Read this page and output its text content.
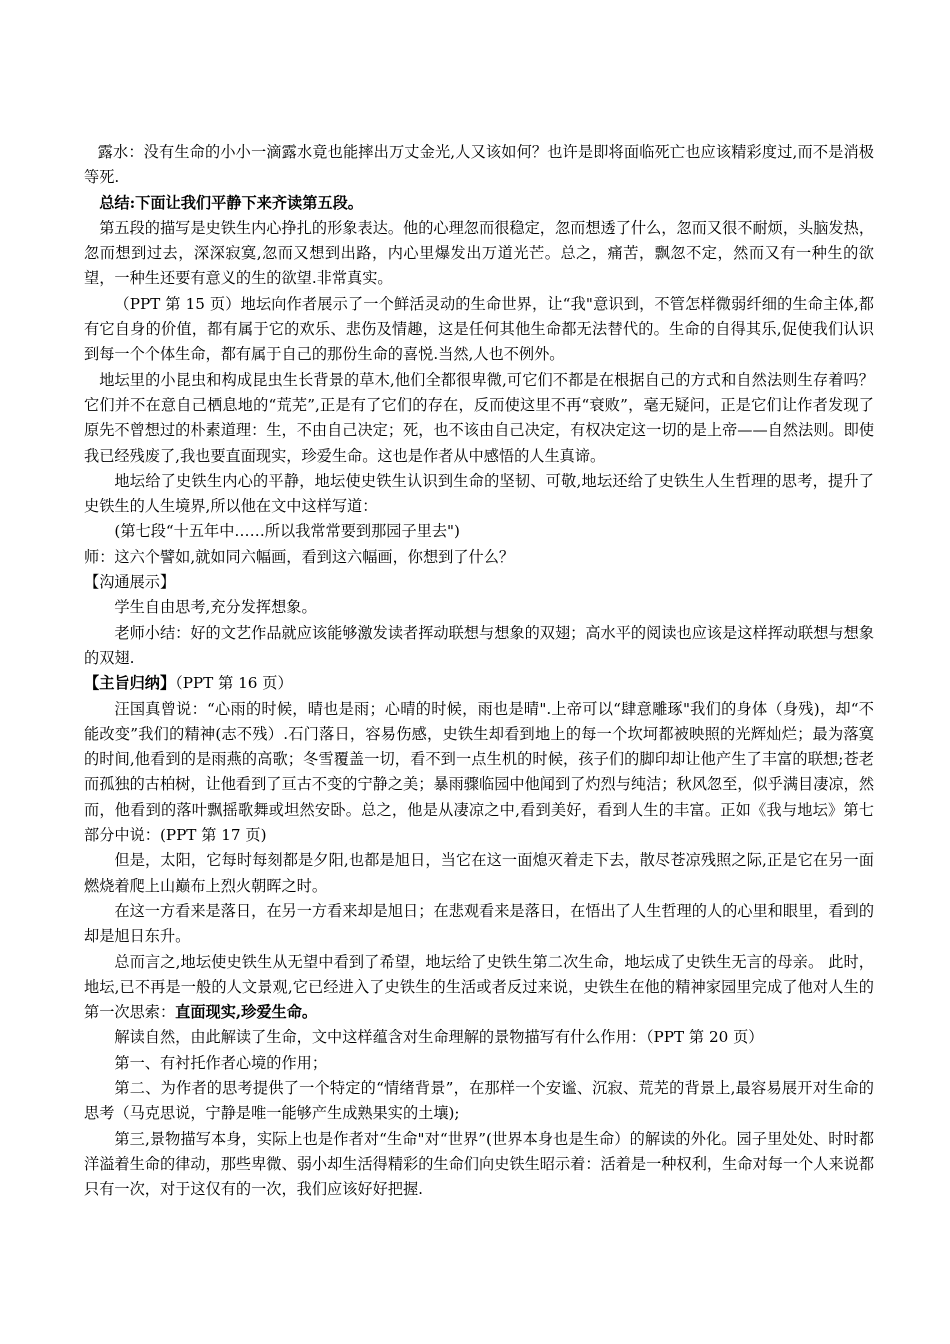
露水：没有生命的小小一滴露水竟也能摔出万丈金光,人又该如何？也许是即将面临死亡也应该精彩度过,而不是消极等死.

总结:下面让我们平静下来齐读第五段。

第五段的描写是史铁生内心挣扎的形象表达。他的心理忽而很稳定，忽而想透了什么，忽而又很不耐烦，头脑发热，忽而想到过去，深深寂寞,忽而又想到出路，内心里爆发出万道光芒。总之，痛苦，飘忽不定，然而又有一种生的欲望，一种生还要有意义的生的欲望.非常真实。

（PPT 第 15 页）地坛向作者展示了一个鲜活灵动的生命世界，让“我"意识到，不管怎样微弱纤细的生命主体,都有它自身的价值，都有属于它的欢乐、悲伤及情趣，这是任何其他生命都无法替代的。生命的自得其乐,促使我们认识到每一个个体生命，都有属于自己的那份生命的喜悦.当然,人也不例外。

地坛里的小昆虫和构成昆虫生长背景的草木,他们全都很卑微,可它们不都是在根据自己的方式和自然法则生存着吗？它们并不在意自己栖息地的“荒芜”,正是有了它们的存在，反而使这里不再“衰败”，毫无疑问，正是它们让作者发现了原先不曾想过的朴素道理：生，不由自己决定；死，也不该由自己决定，有权决定这一切的是上帝——自然法则。即使我已经残废了,我也要直面现实，珍爱生命。这也是作者从中感悟的人生真谛。

地坛给了史铁生内心的平静，地坛使史铁生认识到生命的坚韧、可敬,地坛还给了史铁生人生哲理的思考，提升了史铁生的人生境界,所以他在文中这样写道：

(第七段“十五年中……所以我常常要到那园子里去")

师：这六个譬如,就如同六幅画，看到这六幅画，你想到了什么？

【沟通展示】

学生自由思考,充分发挥想象。

老师小结：好的文艺作品就应该能够激发读者挥动联想与想象的双翅；高水平的阅读也应该是这样挥动联想与想象的双翅.

【主旨归纳】（PPT 第 16 页）

汪国真曾说：“心雨的时候，晴也是雨；心晴的时候，雨也是晴".上帝可以“肆意雕琢"我们的身体（身残)，却“不能改变”我们的精神(志不残）.石门落日，容易伤感，史铁生却看到地上的每一个坎坷都被映照的光辉灿烂；最为落寞的时间,他看到的是雨燕的高歌；冬雪覆盖一切，看不到一点生机的时候，孩子们的脚印却让他产生了丰富的联想;苍老而孤独的古柏树，让他看到了亘古不变的宁静之美；暴雨骤临园中他闻到了灼烈与纯洁；秋风忽至，似乎满目凄凉，然而，他看到的落叶飘摇歌舞或坦然安卧。总之，他是从凄凉之中,看到美好，看到人生的丰富。正如《我与地坛》第七部分中说：(PPT 第 17 页)

但是，太阳，它每时每刻都是夕阳,也都是旭日，当它在这一面熄灭着走下去，散尽苍凉残照之际,正是它在另一面燃烧着爬上山巅布上烈火朝晖之时。

在这一方看来是落日，在另一方看来却是旭日；在悲观看来是落日，在悟出了人生哲理的人的心里和眼里，看到的却是旭日东升。

总而言之,地坛使史铁生从无望中看到了希望，地坛给了史铁生第二次生命，地坛成了史铁生无言的母亲。 此时，地坛,已不再是一般的人文景观,它已经进入了史铁生的生活或者反过来说，史铁生在他的精神家园里完成了他对人生的第一次思索：直面现实,珍爱生命。

解读自然，由此解读了生命，文中这样蕴含对生命理解的景物描写有什么作用：（PPT 第 20 页）

第一、有衬托作者心境的作用；

第二、为作者的思考提供了一个特定的“情绪背景”，在那样一个安谧、沉寂、荒芜的背景上,最容易展开对生命的思考（马克思说，宁静是唯一能够产生成熟果实的土壤);

第三,景物描写本身，实际上也是作者对“生命"对“世界”(世界本身也是生命）的解读的外化。园子里处处、时时都洋溢着生命的律动，那些卑微、弱小却生活得精彩的生命们向史铁生昭示着：活着是一种权利，生命对每一个人来说都只有一次，对于这仅有的一次，我们应该好好把握.
